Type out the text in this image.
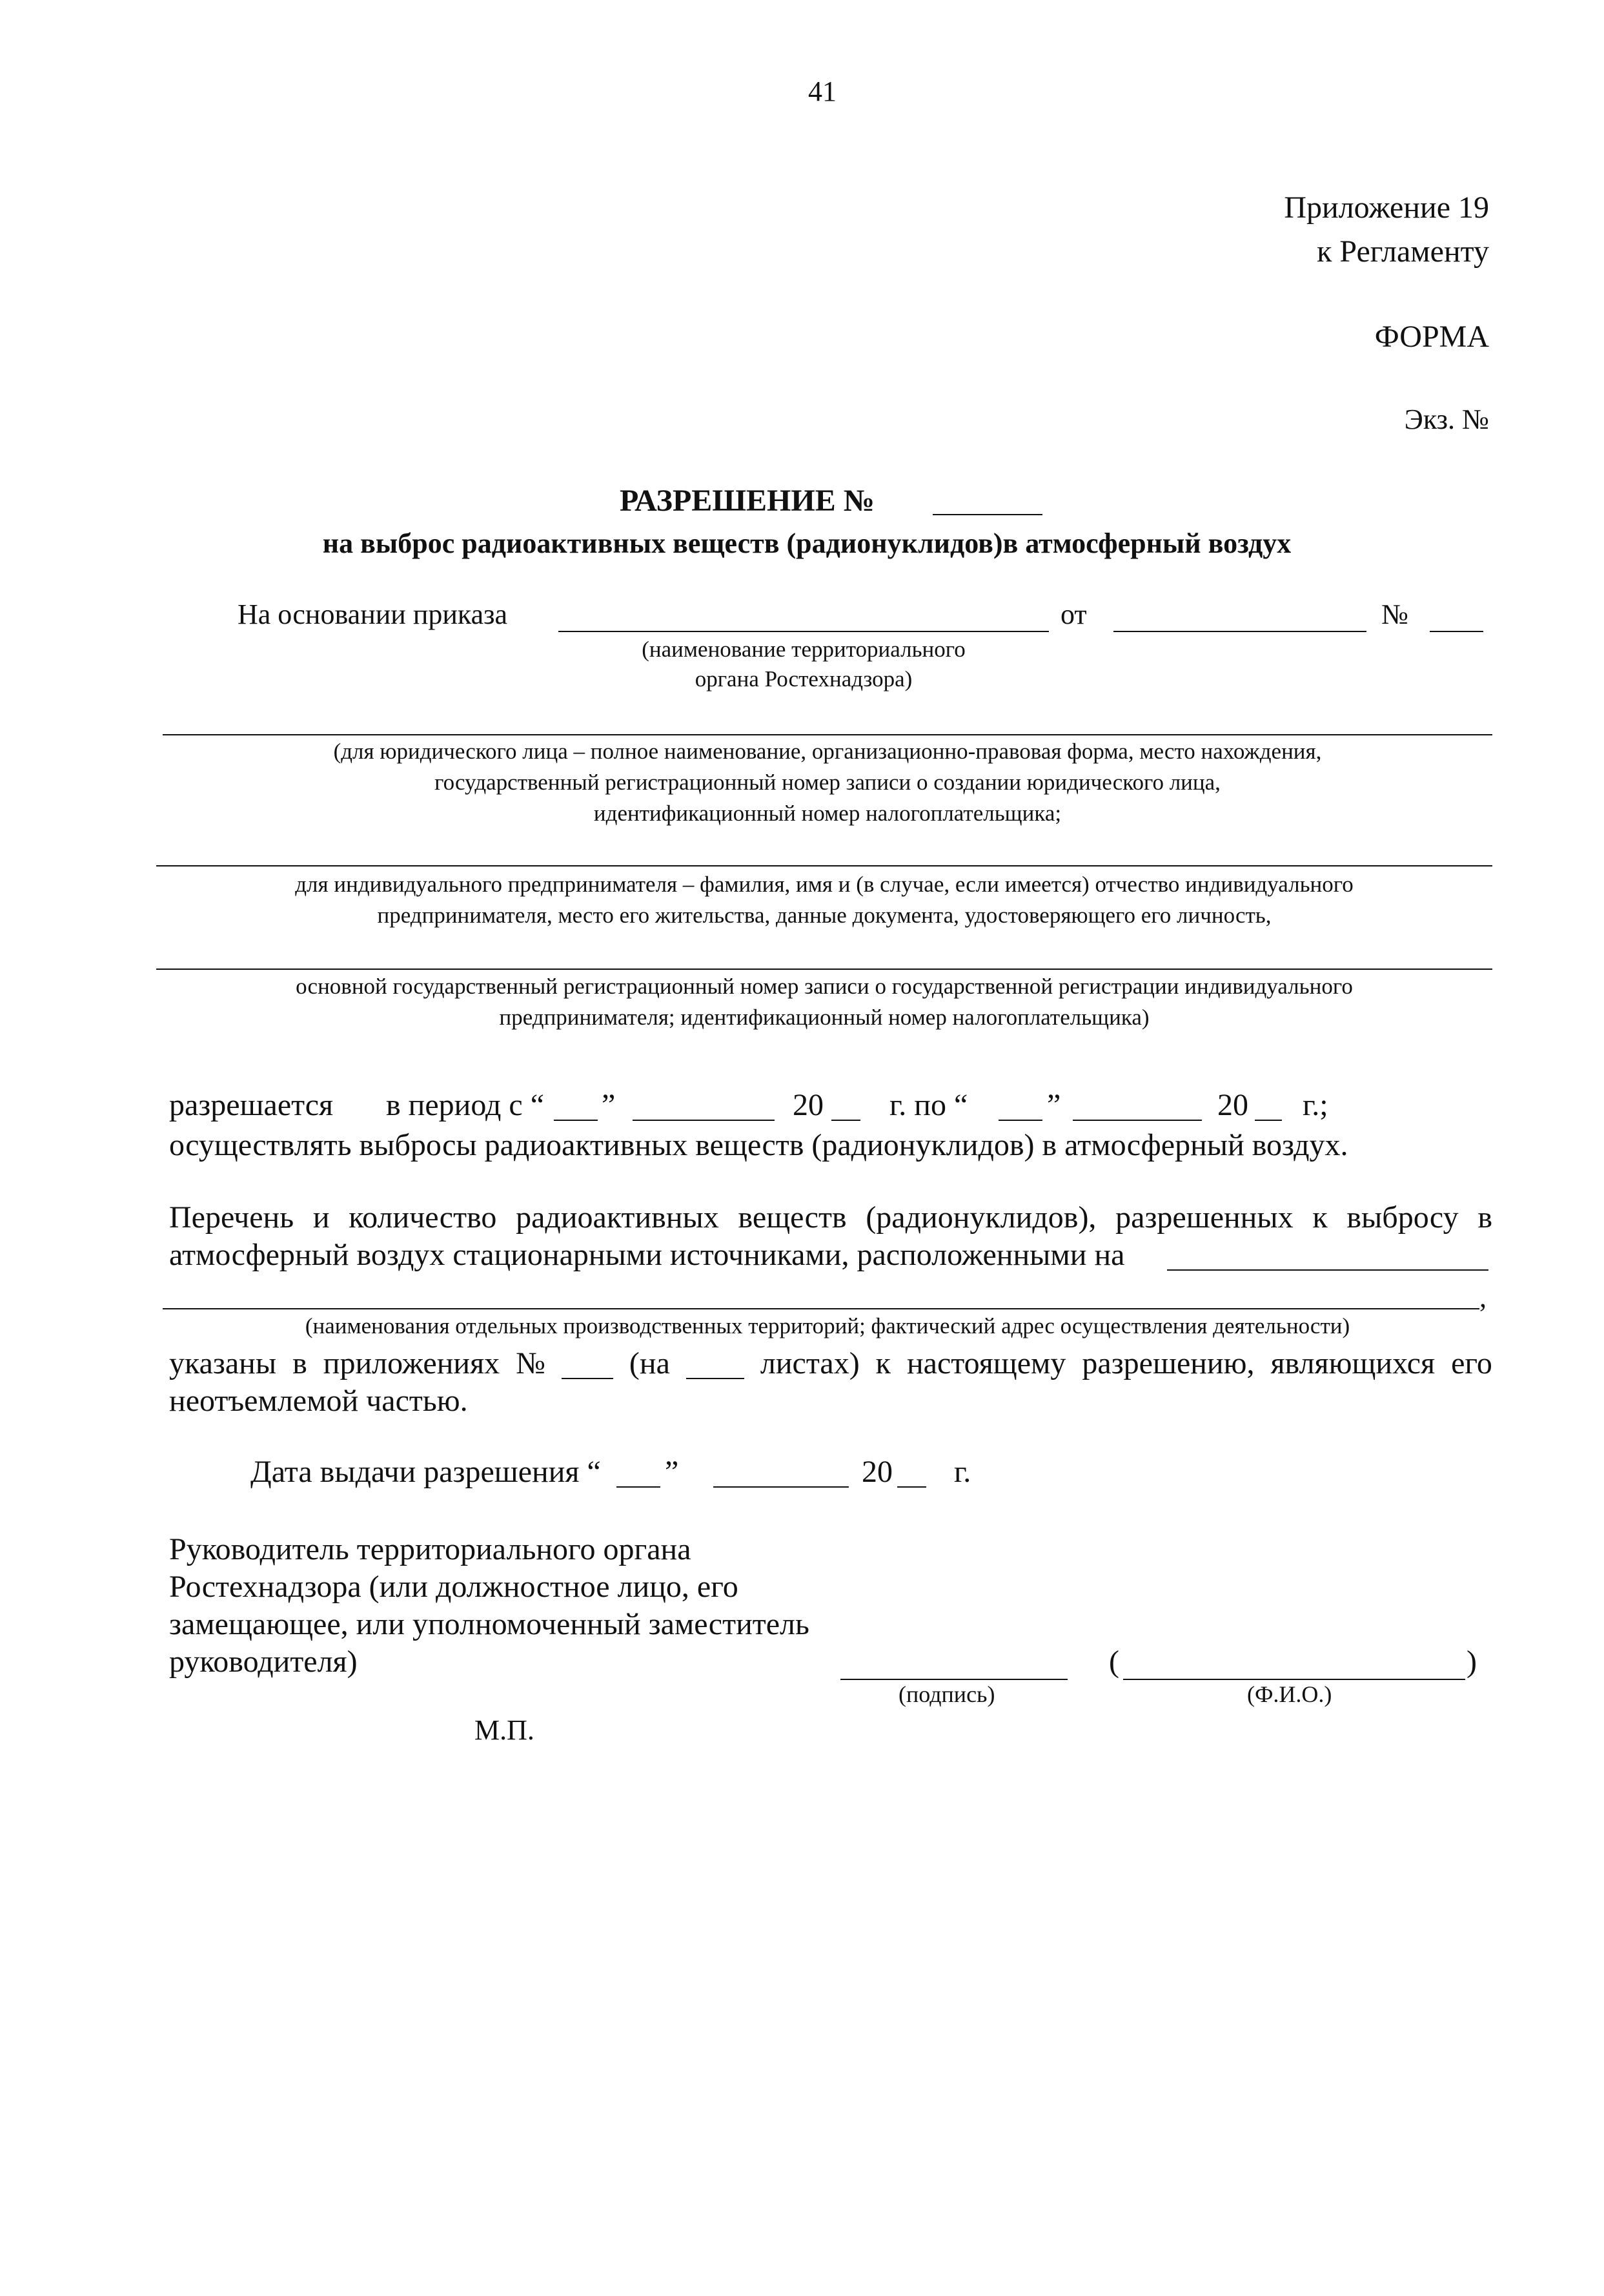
41
Приложение 19
к Регламенту
ФОРМА
Экз. №
РАЗРЕШЕНИЕ №
на выброс радиоактивных веществ (радионуклидов)в атмосферный воздух
На основании приказа	от	№
(наименование территориального
органа Ростехнадзора)
(для юридического лица – полное наименование, организационно-правовая форма, место нахождения,
государственный регистрационный номер записи о создании юридического лица,
идентификационный номер налогоплательщика;
для индивидуального предпринимателя – фамилия, имя и (в случае, если имеется) отчество индивидуального
предпринимателя, место его жительства, данные документа, удостоверяющего его личность,
основной государственный регистрационный номер записи о государственной регистрации индивидуального
предпринимателя; идентификационный номер налогоплательщика)
разрешается в период с “ ”	20 г. по “	”	20 г.;
осуществлять выбросы радиоактивных веществ (радионуклидов) в атмосферный воздух.
Перечень и количество радиоактивных веществ (радионуклидов), разрешенных к выбросу в
атмосферный воздух стационарными источниками, расположенными на
,
(наименования отдельных производственных территорий; фактический адрес осуществления деятельности)
указаны в приложениях №	(на	листах) к настоящему разрешению, являющихся его
неотъемлемой частью.
Дата выдачи разрешения “ ”	20 г.
Руководитель территориального органа
Ростехнадзора (или должностное лицо, его
замещающее, или уполномоченный заместитель
руководителя)	(	)
(подпись)	(Ф.И.О.)
М.П.
